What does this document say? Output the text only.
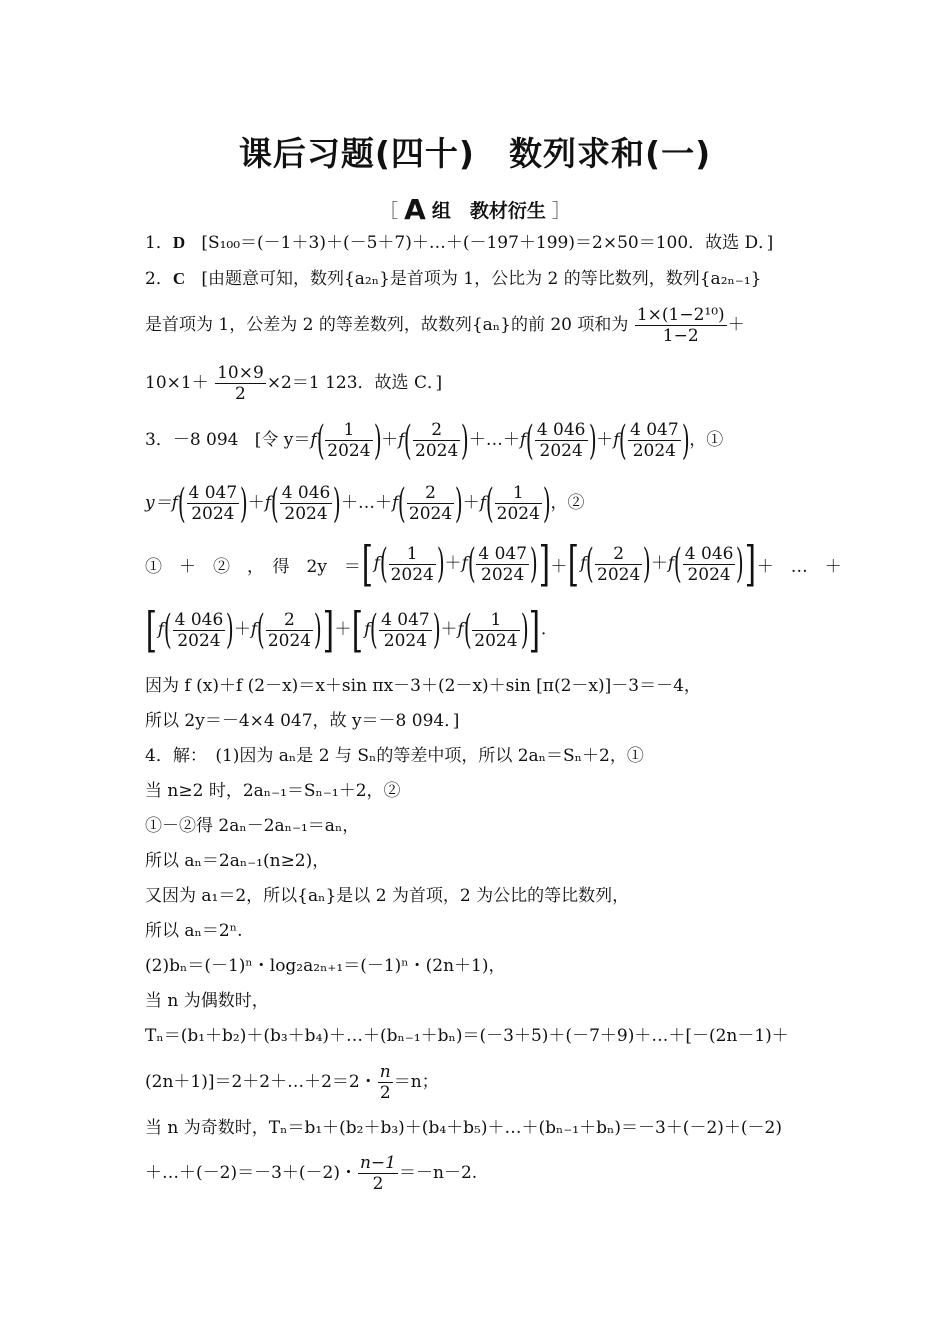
课后习题(四十)　数列求和(一)
［ A 组　教材衍生 ］
1．D [S₁₀₀＝(－1＋3)＋(－5＋7)＋…＋(－197＋199)＝2×50＝100．故选 D．]
2．C [由题意可知，数列{a₂ₙ}是首项为 1，公比为 2 的等比数列，数列{a₂ₙ₋₁}
是首项为 1，公差为 2 的等差数列，故数列{aₙ}的前 20 项和为 $\frac{\text{1×(1−2¹⁰)}}{1-2}$ ＋
$10\times 1+ \frac{10\times 9}{2} \times 2=1$ 123．故选 C．]
3．－8 094 [令 $y=f( \frac{1}{2024} )+f( \frac{2}{2024}$ )＋…＋f( $\frac{4 046}{2024} )+f( \frac{4 047}{2024}$ )，①
$y=f( \frac{4 047}{2024} )+f( \frac{4 046}{2024}$ )＋…＋f( $\frac{2}{2024} )+f( \frac{1}{2024}$ )，②
①　＋　②　，　得　2y　＝ [$f( \frac{1}{2024} )+f( \frac{4 047}{2024}$ )] ＋ [$f( \frac{2}{2024} )+f( \frac{4 046}{2024}$ )] ＋　…　＋
$[f( \frac{4 046}{2024} )+f( \frac{2}{2024} )]+[f( \frac{4 047}{2024} )+f( \frac{1}{2024}$ )].
因为 f (x)＋f (2－x)＝x＋sin πx－3＋(2－x)＋sin [π(2－x)]－3＝－4，
所以 2y＝－4×4 047，故 y＝－8 094．]
4．解：　(1)因为 aₙ是 2 与 Sₙ的等差中项，所以 2aₙ＝Sₙ＋2，①
当 n≥2 时，2aₙ₋₁＝Sₙ₋₁＋2，②
①－②得 2aₙ－2aₙ₋₁＝aₙ，
所以 aₙ＝2aₙ₋₁(n≥2)，
又因为 a₁＝2，所以{aₙ}是以 2 为首项，2 为公比的等比数列，
所以 aₙ＝2ⁿ.
(2)bₙ＝(－1)ⁿ・log₂a₂ₙ₊₁＝(－1)ⁿ・(2n＋1)，
当 n 为偶数时，
Tₙ＝(b₁＋b₂)＋(b₃＋b₄)＋…＋(bₙ₋₁＋bₙ)＝(－3＋5)＋(－7＋9)＋…＋[－(2n－1)＋
(2n＋1)]＝2＋2＋…＋2＝2・ $\frac{n}{2} =n$；
当 n 为奇数时，Tₙ＝b₁＋(b₂＋b₃)＋(b₄＋b₅)＋…＋(bₙ₋₁＋bₙ)＝－3＋(－2)＋(－2)
＋…＋(－2)＝－3＋(－2)・ $\frac{n-1}{2} =-n-2$.
